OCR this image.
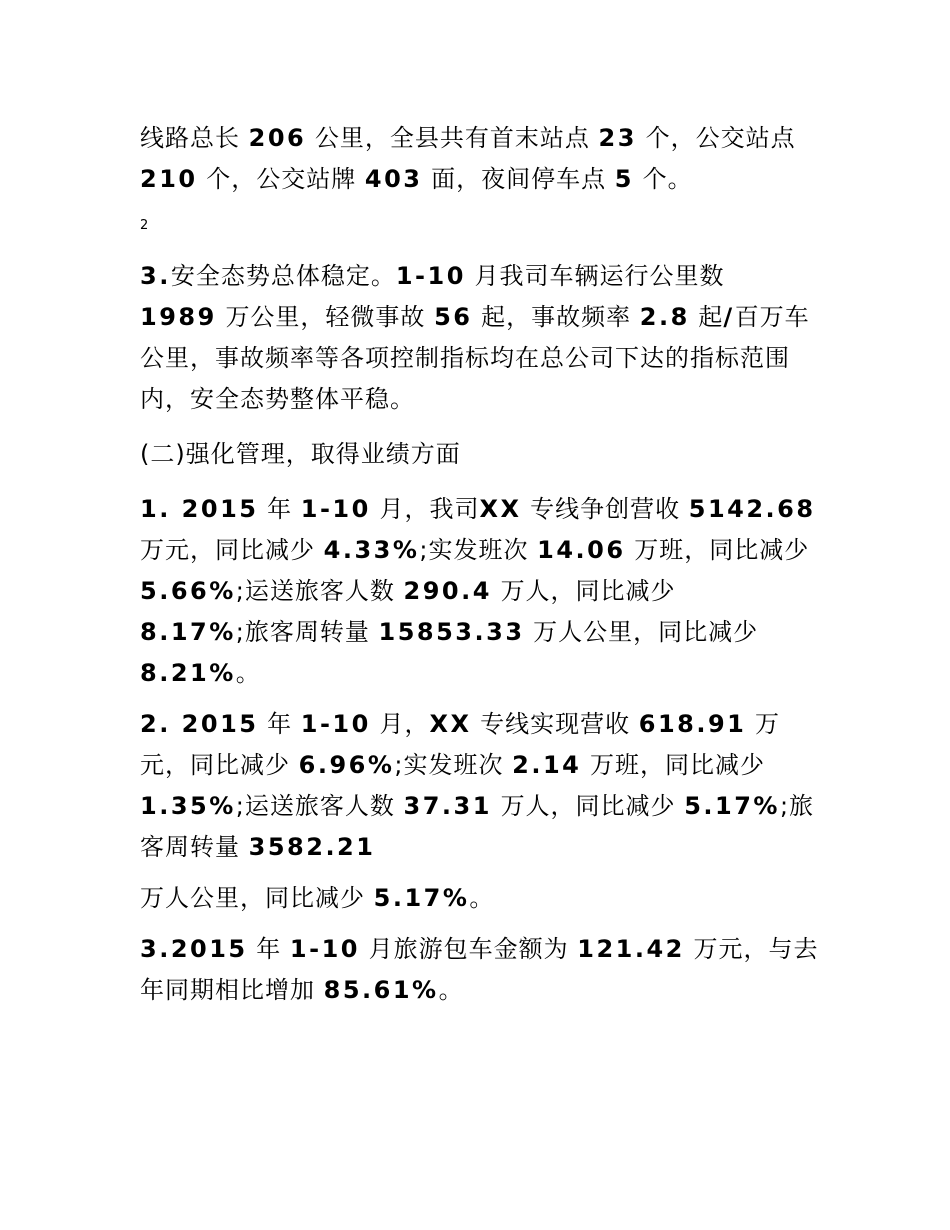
线路总长 206 公里，全县共有首末站点 23 个，公交站点 210 个，公交站牌 403 面，夜间停车点 5 个。

2

3.安全态势总体稳定。1-10 月我司车辆运行公里数
1989 万公里，轻微事故 56 起，事故频率 2.8 起/百万车公里，事故频率等各项控制指标均在总公司下达的指标范围内，安全态势整体平稳。

(二)强化管理，取得业绩方面

1. 2015 年 1-10 月，我司XX 专线争创营收 5142.68
万元，同比减少 4.33%;实发班次 14.06 万班，同比减少 5.66%;运送旅客人数 290.4 万人，同比减少
8.17%;旅客周转量 15853.33 万人公里，同比减少
8.21%。

2. 2015 年 1-10 月，XX 专线实现营收 618.91 万元，同比减少 6.96%;实发班次 2.14 万班，同比减少
1.35%;运送旅客人数 37.31 万人，同比减少 5.17%;旅客周转量 3582.21

万人公里，同比减少 5.17%。

3.2015 年 1-10 月旅游包车金额为 121.42 万元，与去年同期相比增加 85.61%。
